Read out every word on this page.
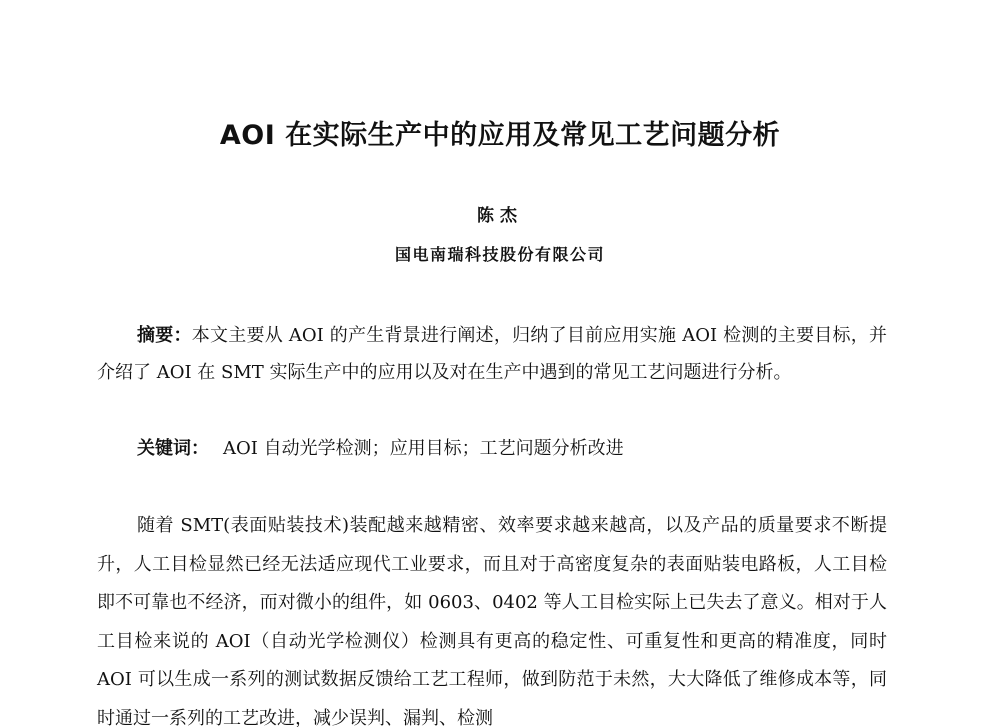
AOI 在实际生产中的应用及常见工艺问题分析
陈杰
国电南瑞科技股份有限公司

摘要：本文主要从 AOI 的产生背景进行阐述，归纳了目前应用实施 AOI 检测的主要目标，并介绍了 AOI 在 SMT 实际生产中的应用以及对在生产中遇到的常见工艺问题进行分析。

关键词： AOI 自动光学检测；应用目标；工艺问题分析改进

随着 SMT(表面贴装技术)装配越来越精密、效率要求越来越高，以及产品的质量要求不断提升，人工目检显然已经无法适应现代工业要求，而且对于高密度复杂的表面贴装电路板，人工目检即不可靠也不经济，而对微小的组件，如 0603、0402 等人工目检实际上已失去了意义。相对于人工目检来说的 AOI（自动光学检测仪）检测具有更高的稳定性、可重复性和更高的精准度，同时 AOI 可以生成一系列的测试数据反馈给工艺工程师，做到防范于未然，大大降低了维修成本等，同时通过一系列的工艺改进，减少误判、漏判、检测
